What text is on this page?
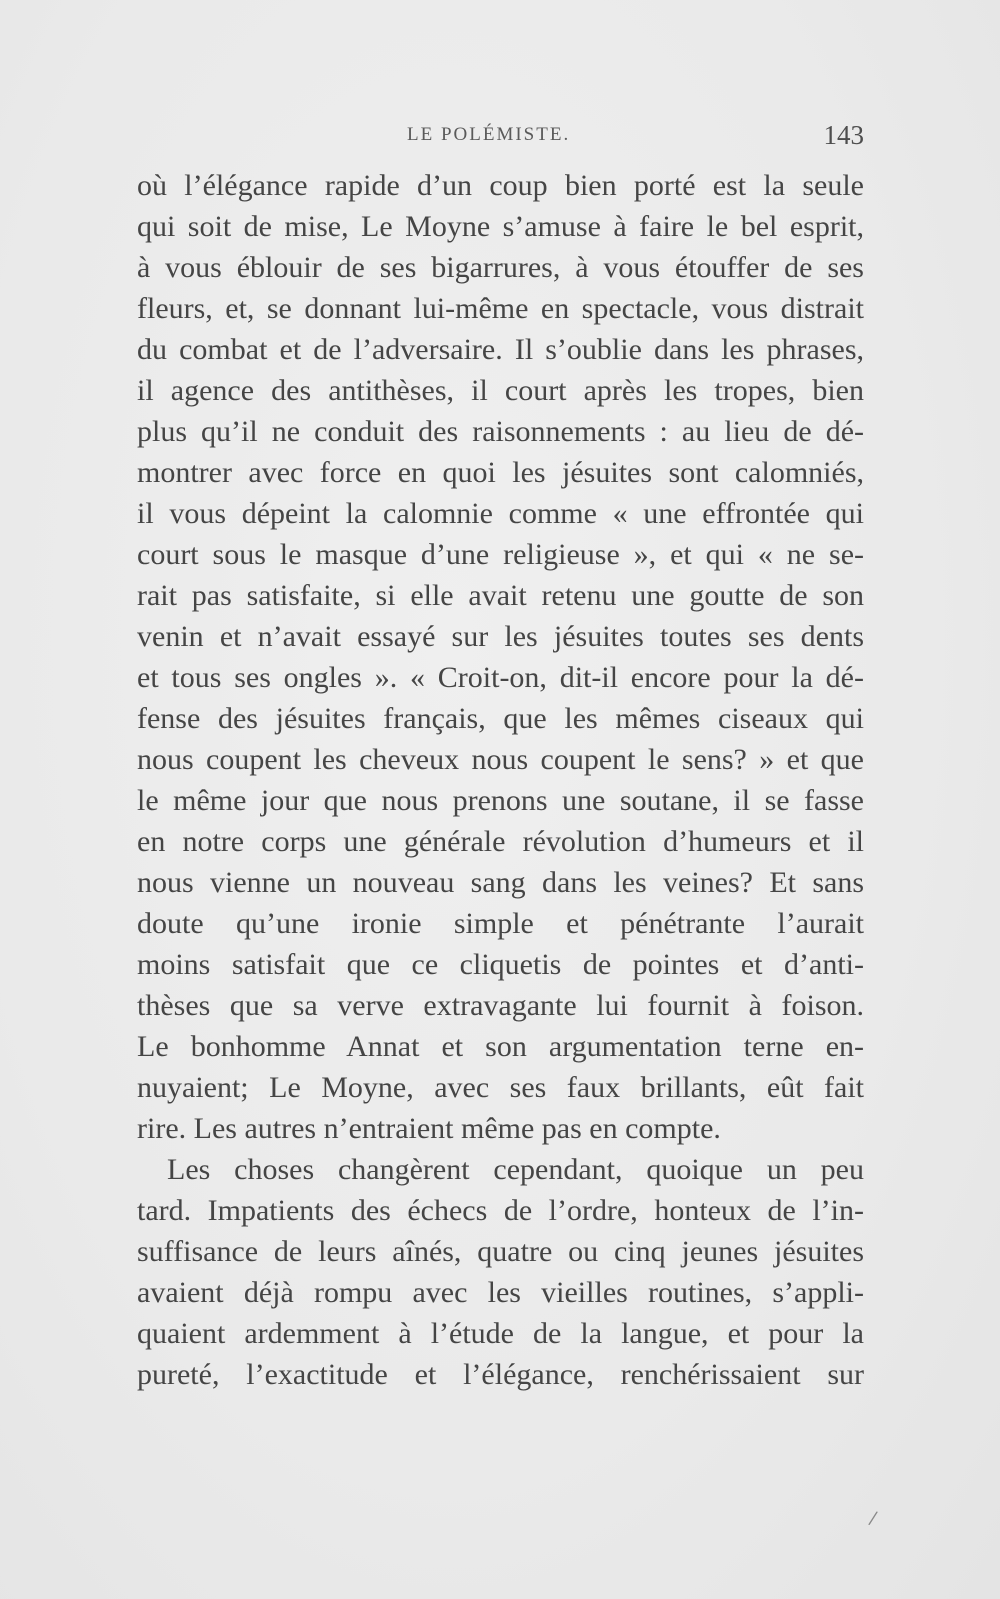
LE POLÉMISTE.	143

où l’élégance rapide d’un coup bien porté est la seule
qui soit de mise, Le Moyne s’amuse à faire le bel esprit,
à vous éblouir de ses bigarrures, à vous étouffer de ses
fleurs, et, se donnant lui-même en spectacle, vous distrait
du combat et de l’adversaire. Il s’oublie dans les phrases,
il agence des antithèses, il court après les tropes, bien
plus qu’il ne conduit des raisonnements : au lieu de dé-
montrer avec force en quoi les jésuites sont calomniés,
il vous dépeint la calomnie comme « une effrontée qui
court sous le masque d’une religieuse », et qui « ne se-
rait pas satisfaite, si elle avait retenu une goutte de son
venin et n’avait essayé sur les jésuites toutes ses dents
et tous ses ongles ». « Croit-on, dit-il encore pour la dé-
fense des jésuites français, que les mêmes ciseaux qui
nous coupent les cheveux nous coupent le sens? » et que
le même jour que nous prenons une soutane, il se fasse
en notre corps une générale révolution d’humeurs et il
nous vienne un nouveau sang dans les veines? Et sans
doute qu’une ironie simple et pénétrante l’aurait
moins satisfait que ce cliquetis de pointes et d’anti-
thèses que sa verve extravagante lui fournit à foison.
Le bonhomme Annat et son argumentation terne en-
nuyaient; Le Moyne, avec ses faux brillants, eût fait
rire. Les autres n’entraient même pas en compte.

Les choses changèrent cependant, quoique un peu
tard. Impatients des échecs de l’ordre, honteux de l’in-
suffisance de leurs aînés, quatre ou cinq jeunes jésuites
avaient déjà rompu avec les vieilles routines, s’appli-
quaient ardemment à l’étude de la langue, et pour la
pureté, l’exactitude et l’élégance, renchérissaient sur

/
